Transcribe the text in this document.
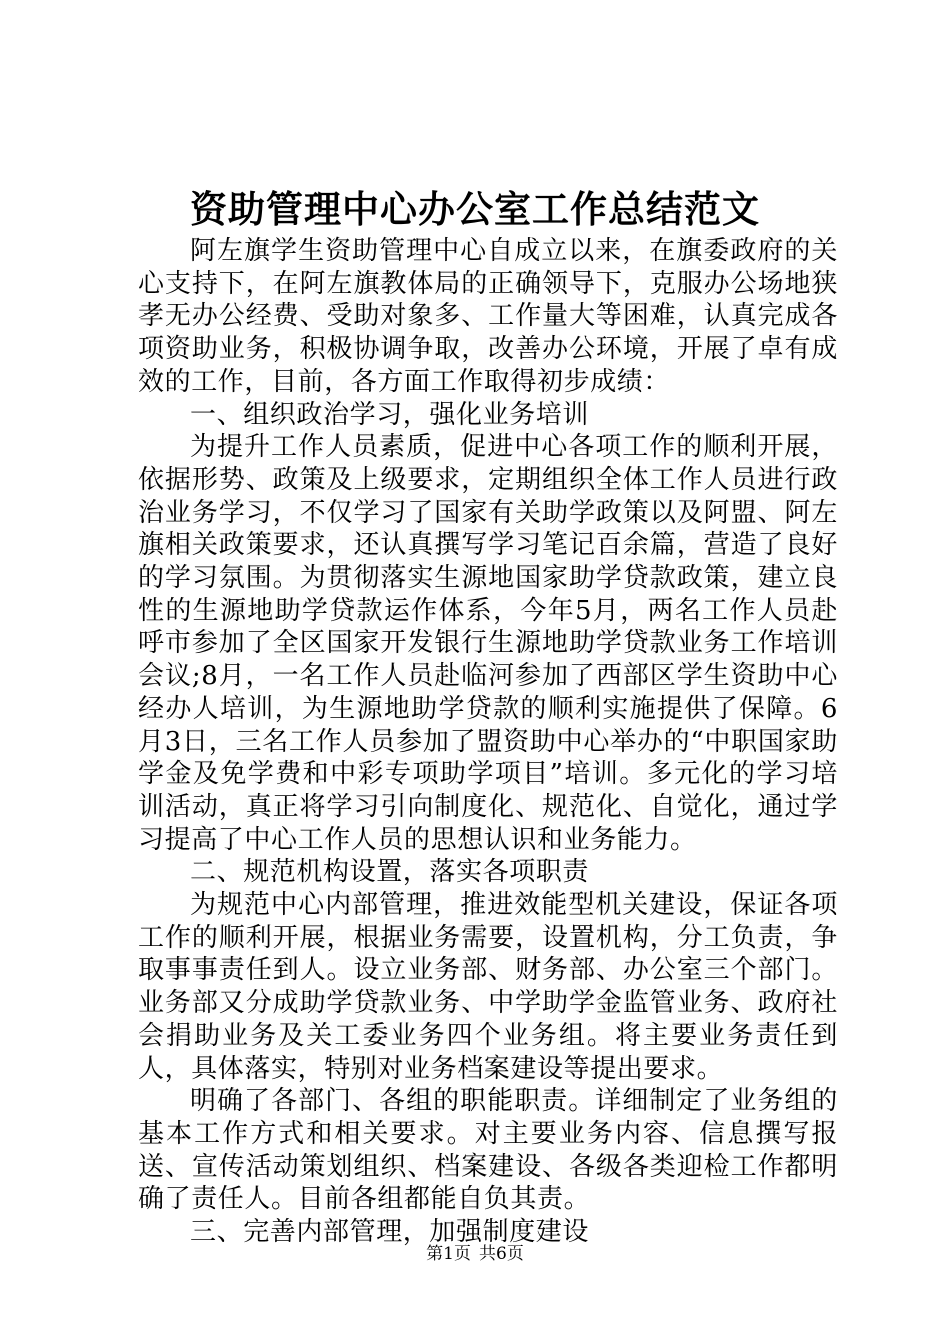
资助管理中心办公室工作总结范文

阿左旗学生资助管理中心自成立以来，在旗委政府的关心支持下，在阿左旗教体局的正确领导下，克服办公场地狭孝无办公经费、受助对象多、工作量大等困难，认真完成各项资助业务，积极协调争取，改善办公环境，开展了卓有成效的工作，目前，各方面工作取得初步成绩：

一、组织政治学习，强化业务培训

为提升工作人员素质，促进中心各项工作的顺利开展，依据形势、政策及上级要求，定期组织全体工作人员进行政治业务学习，不仅学习了国家有关助学政策以及阿盟、阿左旗相关政策要求，还认真撰写学习笔记百余篇，营造了良好的学习氛围。为贯彻落实生源地国家助学贷款政策，建立良性的生源地助学贷款运作体系，今年5月，两名工作人员赴呼市参加了全区国家开发银行生源地助学贷款业务工作培训会议;8月，一名工作人员赴临河参加了西部区学生资助中心经办人培训，为生源地助学贷款的顺利实施提供了保障。6月3日，三名工作人员参加了盟资助中心举办的“中职国家助学金及免学费和中彩专项助学项目”培训。多元化的学习培训活动，真正将学习引向制度化、规范化、自觉化，通过学习提高了中心工作人员的思想认识和业务能力。

二、规范机构设置，落实各项职责

为规范中心内部管理，推进效能型机关建设，保证各项工作的顺利开展，根据业务需要，设置机构，分工负责，争取事事责任到人。设立业务部、财务部、办公室三个部门。业务部又分成助学贷款业务、中学助学金监管业务、政府社会捐助业务及关工委业务四个业务组。将主要业务责任到人，具体落实，特别对业务档案建设等提出要求。

明确了各部门、各组的职能职责。详细制定了业务组的基本工作方式和相关要求。对主要业务内容、信息撰写报送、宣传活动策划组织、档案建设、各级各类迎检工作都明确了责任人。目前各组都能自负其责。

三、完善内部管理，加强制度建设

第1页 共6页
